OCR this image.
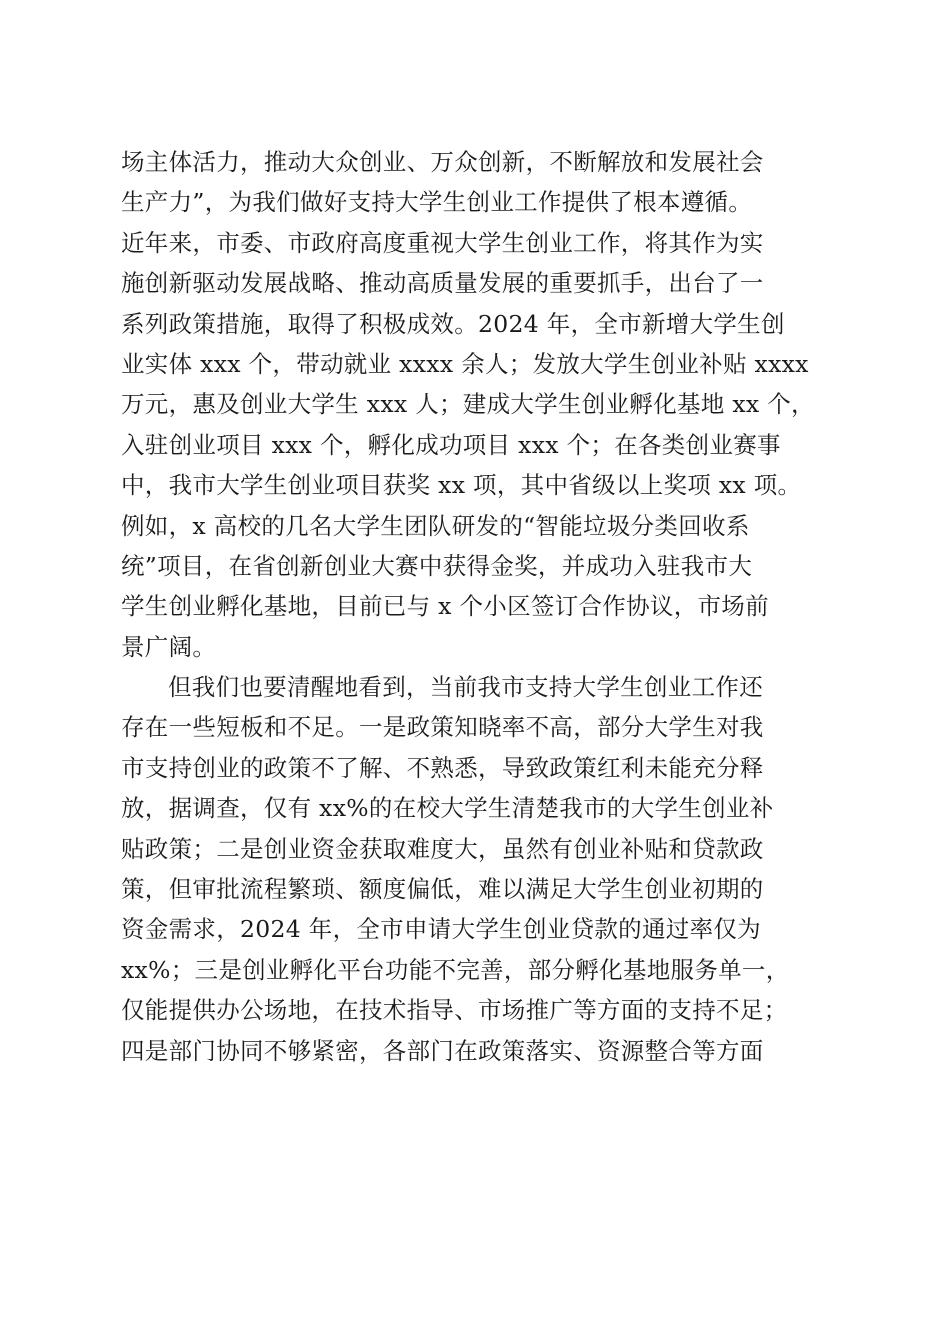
场主体活力，推动大众创业、万众创新，不断解放和发展社会
生产力”，为我们做好支持大学生创业工作提供了根本遵循。
近年来，市委、市政府高度重视大学生创业工作，将其作为实
施创新驱动发展战略、推动高质量发展的重要抓手，出台了一
系列政策措施，取得了积极成效。2024 年，全市新增大学生创
业实体 xxx 个，带动就业 xxxx 余人；发放大学生创业补贴 xxxx
万元，惠及创业大学生 xxx 人；建成大学生创业孵化基地 xx 个，
入驻创业项目 xxx 个，孵化成功项目 xxx 个；在各类创业赛事
中，我市大学生创业项目获奖 xx 项，其中省级以上奖项 xx 项。
例如，x 高校的几名大学生团队研发的“智能垃圾分类回收系
统”项目，在省创新创业大赛中获得金奖，并成功入驻我市大
学生创业孵化基地，目前已与 x 个小区签订合作协议，市场前
景广阔。
但我们也要清醒地看到，当前我市支持大学生创业工作还
存在一些短板和不足。一是政策知晓率不高，部分大学生对我
市支持创业的政策不了解、不熟悉，导致政策红利未能充分释
放，据调查，仅有 xx%的在校大学生清楚我市的大学生创业补
贴政策；二是创业资金获取难度大，虽然有创业补贴和贷款政
策，但审批流程繁琐、额度偏低，难以满足大学生创业初期的
资金需求，2024 年，全市申请大学生创业贷款的通过率仅为
xx%；三是创业孵化平台功能不完善，部分孵化基地服务单一，
仅能提供办公场地，在技术指导、市场推广等方面的支持不足；
四是部门协同不够紧密，各部门在政策落实、资源整合等方面
